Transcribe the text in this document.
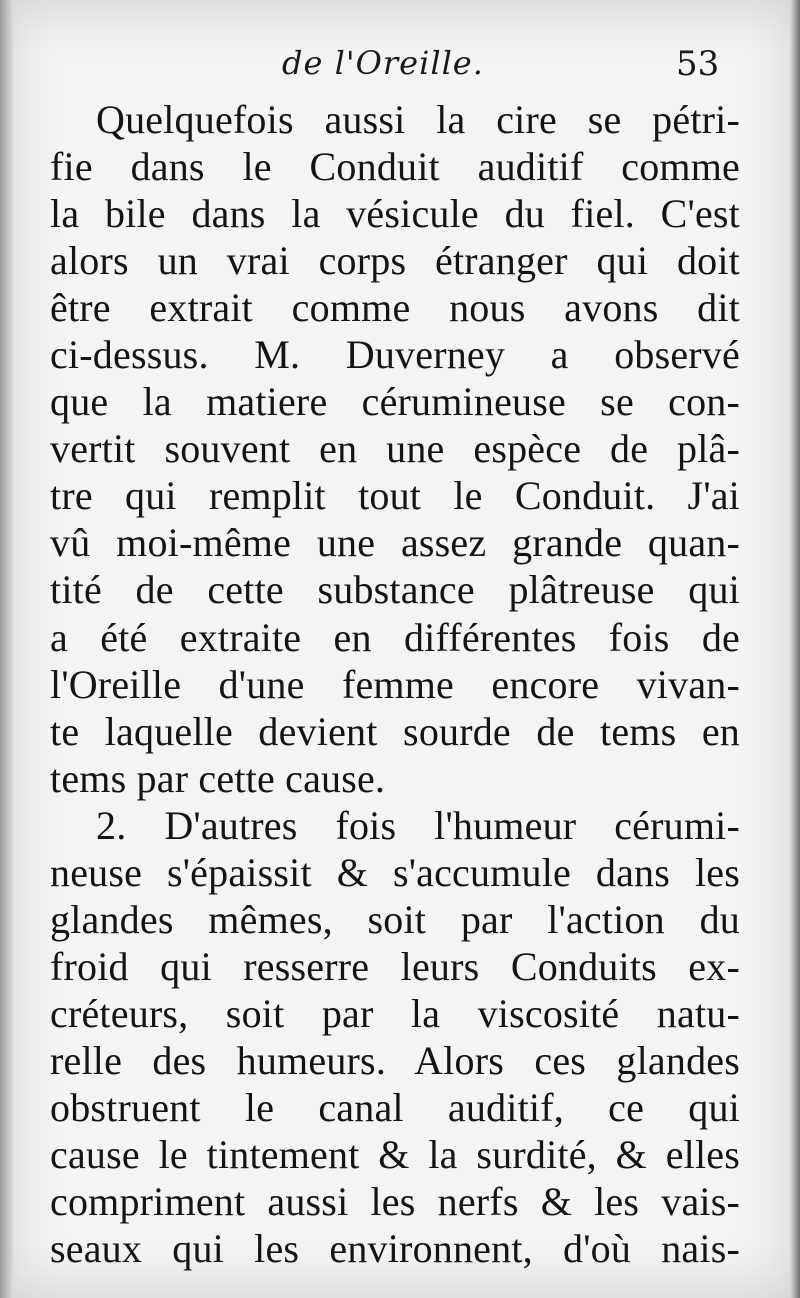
de l'Oreille.	53
Quelquefois aussi la cire se pétri-
fie dans le Conduit auditif comme
la bile dans la vésicule du fiel. C'est
alors un vrai corps étranger qui doit
être extrait comme nous avons dit
ci-dessus. M. Duverney a observé
que la matiere cérumineuse se con-
vertit souvent en une espèce de plâ-
tre qui remplit tout le Conduit. J'ai
vû moi-même une assez grande quan-
tité de cette substance plâtreuse qui
a été extraite en différentes fois de
l'Oreille d'une femme encore vivan-
te laquelle devient sourde de tems en
tems par cette cause.
2. D'autres fois l'humeur cérumi-
neuse s'épaissit & s'accumule dans les
glandes mêmes, soit par l'action du
froid qui resserre leurs Conduits ex-
créteurs, soit par la viscosité natu-
relle des humeurs. Alors ces glandes
obstruent le canal auditif, ce qui
cause le tintement & la surdité, & elles
compriment aussi les nerfs & les vais-
seaux qui les environnent, d'où nais-
